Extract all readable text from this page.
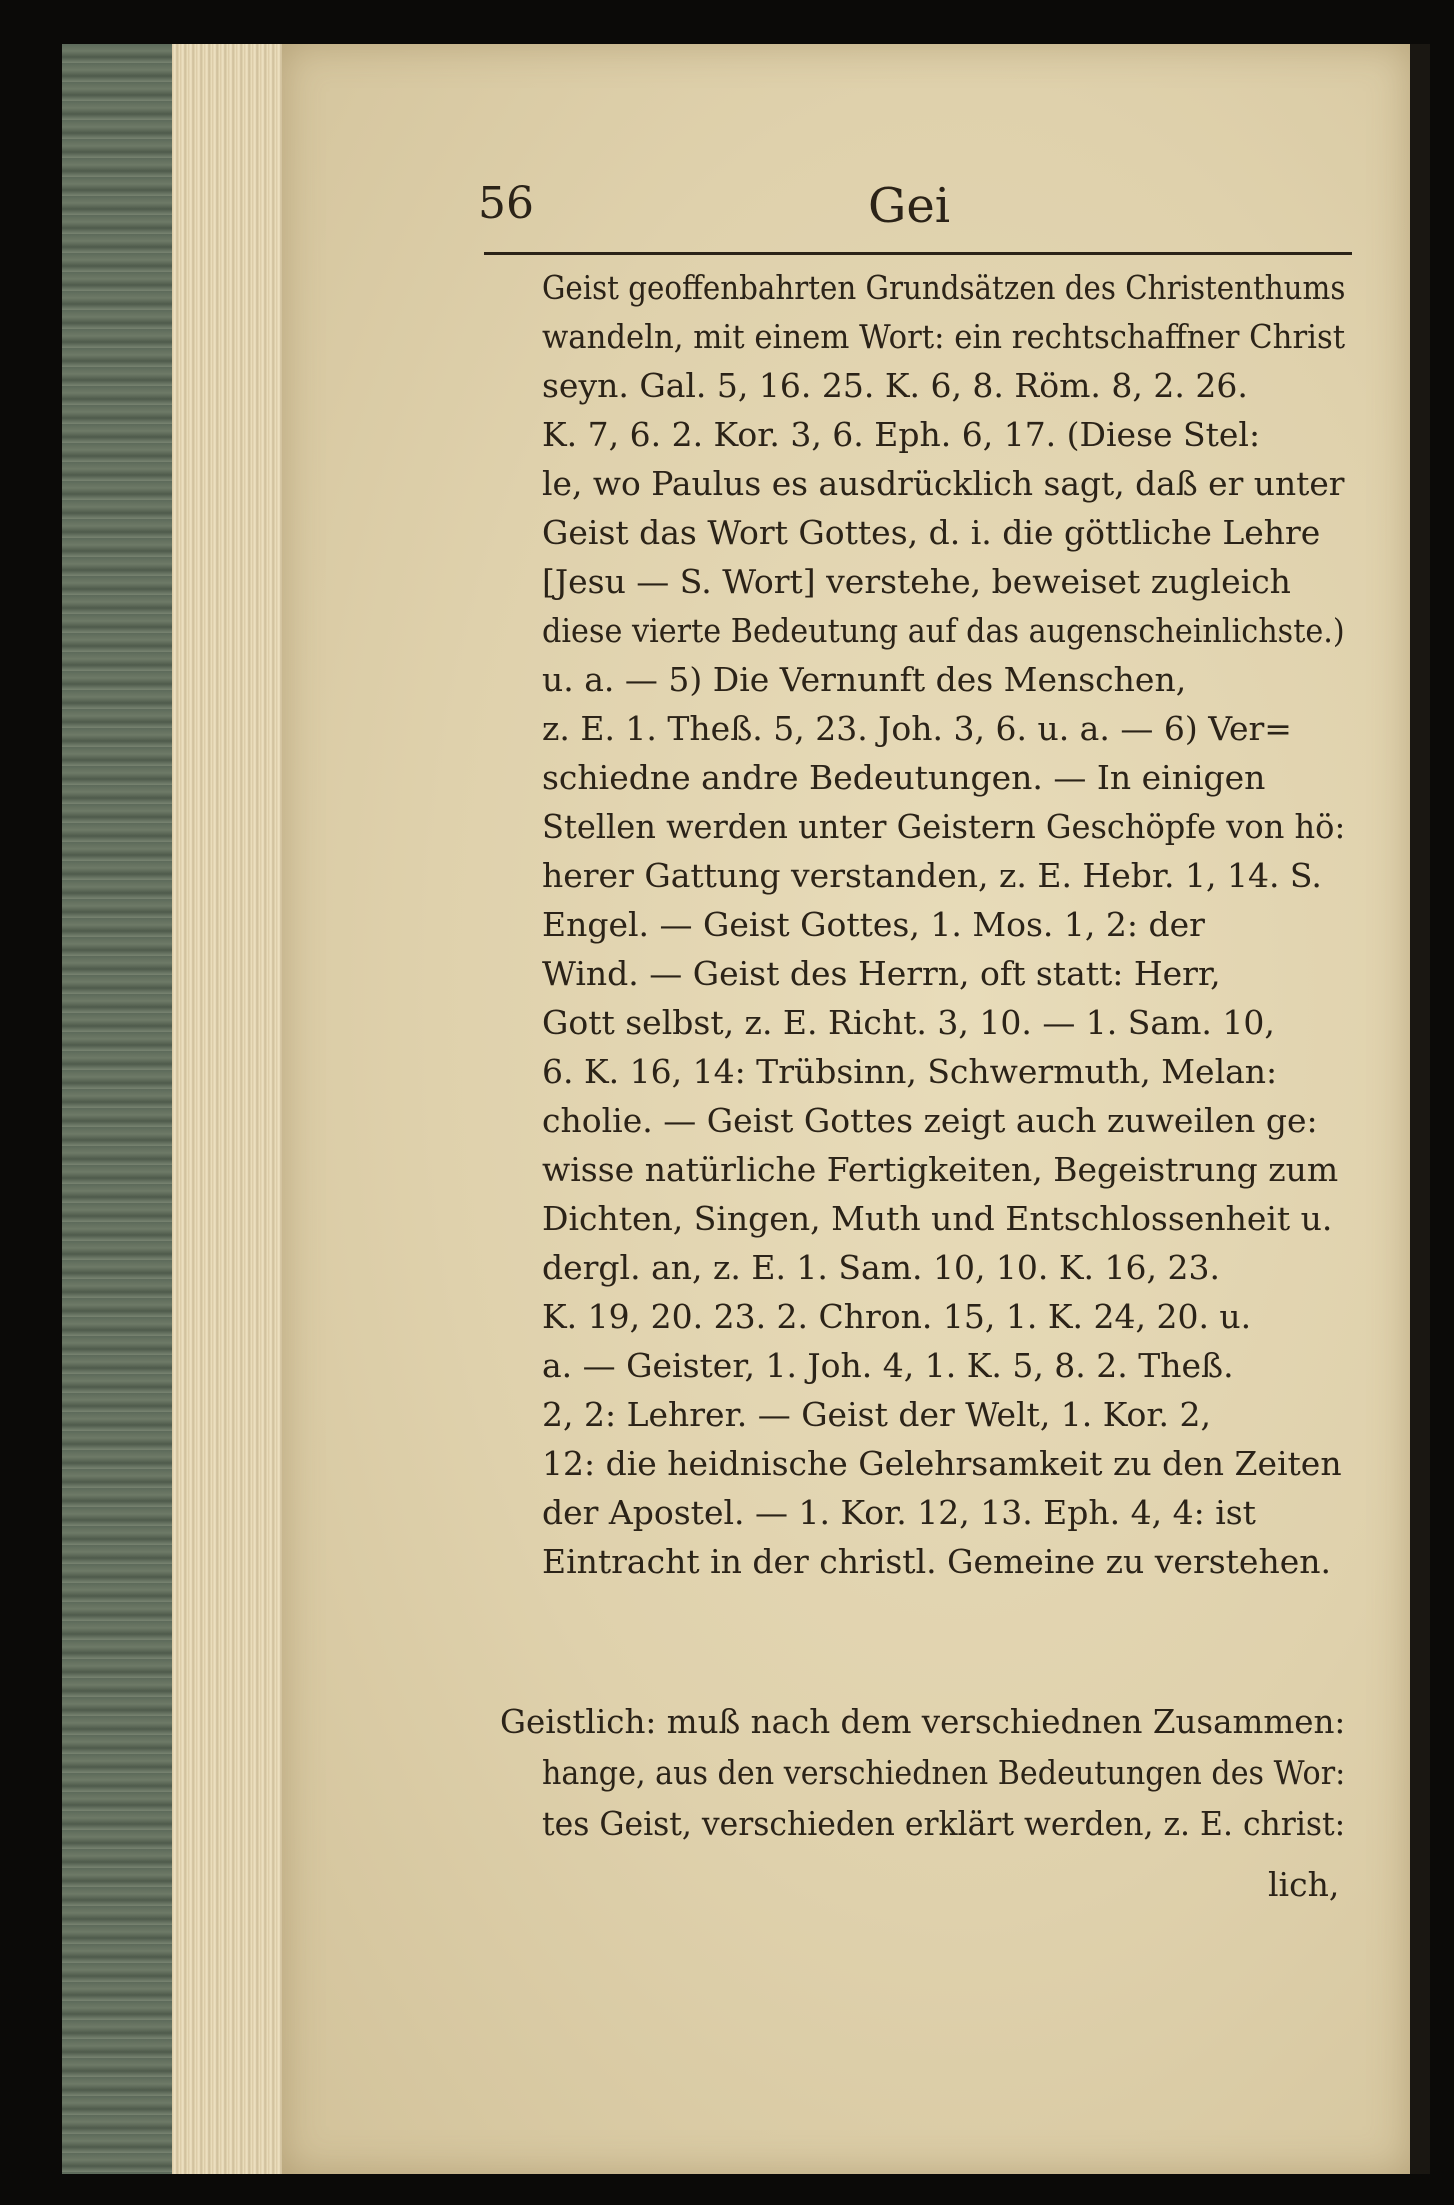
56	Gei
Geist geoffenbahrten Grundsätzen des Christenthums
wandeln, mit einem Wort: ein rechtschaffner Christ
seyn. Gal. 5, 16. 25. K. 6, 8. Röm. 8, 2. 26.
K. 7, 6. 2. Kor. 3, 6. Eph. 6, 17. (Diese Stel:
le, wo Paulus es ausdrücklich sagt, daß er unter
Geist das Wort Gottes, d. i. die göttliche Lehre
[Jesu — S. Wort] verstehe, beweiset zugleich
diese vierte Bedeutung auf das augenscheinlichste.)
u. a. — 5) Die Vernunft des Menschen,
z. E. 1. Theß. 5, 23. Joh. 3, 6. u. a. — 6) Ver=
schiedne andre Bedeutungen. — In einigen
Stellen werden unter Geistern Geschöpfe von hö:
herer Gattung verstanden, z. E. Hebr. 1, 14. S.
Engel. — Geist Gottes, 1. Mos. 1, 2: der
Wind. — Geist des Herrn, oft statt: Herr,
Gott selbst, z. E. Richt. 3, 10. — 1. Sam. 10,
6. K. 16, 14: Trübsinn, Schwermuth, Melan:
cholie. — Geist Gottes zeigt auch zuweilen ge:
wisse natürliche Fertigkeiten, Begeistrung zum
Dichten, Singen, Muth und Entschlossenheit u.
dergl. an, z. E. 1. Sam. 10, 10. K. 16, 23.
K. 19, 20. 23. 2. Chron. 15, 1. K. 24, 20. u.
a. — Geister, 1. Joh. 4, 1. K. 5, 8. 2. Theß.
2, 2: Lehrer. — Geist der Welt, 1. Kor. 2,
12: die heidnische Gelehrsamkeit zu den Zeiten
der Apostel. — 1. Kor. 12, 13. Eph. 4, 4: ist
Eintracht in der christl. Gemeine zu verstehen.
Geistlich: muß nach dem verschiednen Zusammen:
hange, aus den verschiednen Bedeutungen des Wor:
tes Geist, verschieden erklärt werden, z. E. christ:
lich,
